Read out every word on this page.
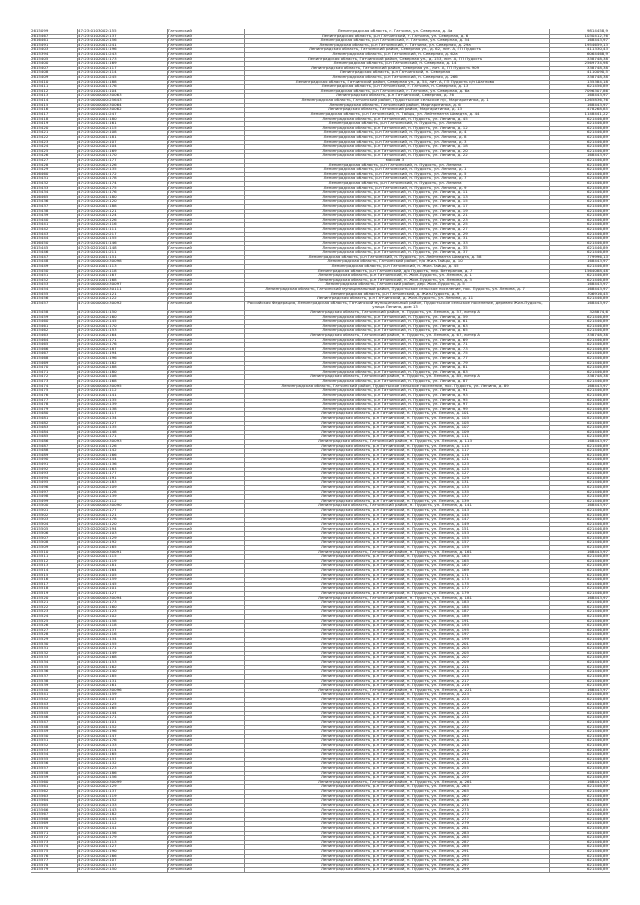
2615099	47:23:0103002:155	Гатчинский	Ленинградская область, г. Гатчина, ул. Северная, д. 4а	9814458,9
2615467	47:23:0102002:137	Гатчинский	Ленинградская область, р-н Гатчинский, г. Гатчина, ул. Северная, д. 6	1030412,76
2616461	47:23:0102002:156	Гатчинский	Ленинградская область, р-н Гатчинский, г. Гатчина, ул. Северная, д. 54	168443,97
2615491	47:23:0102001:241	Гатчинский	Ленинградская область, р-н Гатчинский, г. Гатчина, ул. Северная, д. 29а	1954659,13
2615403	47:23:0102001:196	Гатчинский	Ленинградская область, Гатчинский район, Северная ул., д. 62, лит. А, ГП Пудость	411330,43
2615394	47:23:0102001:243	Гатчинский	Ленинградская область, р-н Гатчинский, п. Северная, д. 62а	6064468,9
2615405	47:23:0102001:173	Гатчинский	Ленинградская область, Гатчинский район, Северная ул., д. 153, лит. А, ГП Пудость	338748,38
2615400	47:23:0102001:169	Гатчинский	Ленинградская область, р-н Гатчинский, п. Северная, д. 14	2569734,98
2615407	47:23:0102002:117	Гатчинский	Ленинградская область, Гатчинский район, Северная ул., лит. А, ГП Пудость 909	338748,38
2615408	47:23:0102002:114	Гатчинский	Ленинградская область, р-н Гатчинский, п. Северная	4110090,5
2615409	47:23:0102001:245	Гатчинский	Ленинградская область, р-н Гатчинский, п. Северная, д. 26б	338748,38
2615410	47:23:0102001:188	Гатчинский	Ленинградская область, Гатчинский район, Северная ул., д. 54, лит. А, ГП Пудость с/п Шаглово	135384,18
2615411	47:23:0102001:176	Гатчинский	Ленинградская область, р-н Гатчинский, г. Гатчина, п. Северная, д. 13	621456,89
2615412	47:23:0102001:104	Гатчинский	Ленинградская область, р-н Гатчинский, г. Гатчина, ул. Северная, д. 6а	7096307,86
2615413	47:23:0000000:30063	Гатчинский	Ленинградская область, р-н Гатчинский, Северная, д. 76	168443,97
2615414	47:23:0000000:25643	Гатчинский	Ленинградская область, Гатчинский район, Пудостьское сельское п/с, Маргаритинка, д. 1	1265836,76
2615415	47:23:0000000:30064	Гатчинский	Ленинградская область, Гатчинский район, Маргаритинка, д. 6	168443,97
2615416	47:23:0000000:30062	Гатчинский	Ленинградская область, Гатчинский район, Маргаритинка, д. 13	478268,85
2615417	47:23:0201001:247	Гатчинский	Ленинградская область, р-н Гатчинский, п. Тайцы, ул. Лейтенанта Шмидта, д. 44	1148441,22
2615418	47:23:0201001:180	Гатчинский	Ленинградская область, р-н Гатчинский, п. Пудость, ул. Ленина, д. 45	621446,89
2615419	47:23:0202001:161	Гатчинский	Ленинградская область, р-н Гатчинский, п. Пудость, ул. Ленина	621446,89
2615420	47:23:0202002:115	Гатчинский	Ленинградская область, р-н Гатчинский, п. Пудость, ул. Ленина, д. 12	621446,89
2615421	47:23:0202002:108	Гатчинский	Ленинградская область, р-н Гатчинский, п. Пудость, ул. Ленина, д. 4	621446,89
2615422	47:23:0202001:181	Гатчинский	Ленинградская область, р-н Гатчинский, п. Пудость, ул. Ленина, д. 8	621446,89
2615423	47:23:0202002:107	Гатчинский	Ленинградская область, р-н Гатчинский, п. Пудость, ул. Ленина, д. 3	621446,89
2615424	47:23:0202002:104	Гатчинский	Ленинградская область, р-н Гатчинский, п. Пудость, ул. Ленина, д. 18	621446,89
2615425	47:23:0202001:169	Гатчинский	Ленинградская область, р-н Гатчинский, п. Пудость, ул. Ленина, д. 20	621446,89
2615426	47:23:0202001:170	Гатчинский	Ленинградская область, р-н Гатчинский, п. Пудость, ул. Ленина, д. 22	168443,97
2615427	47:23:0202001:177	Гатчинский	массив 3	621446,89
2615428	47:23:0202002:126	Гатчинский	Ленинградская область, р-н Гатчинский, п. Пудость, ул. Ленина	621446,89
2615429	47:23:0202002:135	Гатчинский	Ленинградская область, р-н Гатчинский, п. Пудость, ул. Ленина, д. 1	621446,89
2616460	47:23:0202001:172	Гатчинский	Ленинградская область, р-н Гатчинский, п. Пудость, ул. Ленина, д. 5	621446,89
2615431	47:23:0202001:178	Гатчинский	Ленинградская область, р-н Гатчинский, п. Пудость, ул. Ленина, д. 7	621446,89
2615432	47:23:0202001:174	Гатчинский	Ленинградская область, р-н Гатчинский, п. Пудость, ул. Ленина	621446,89
2615433	47:23:0202002:175	Гатчинский	Ленинградская область, р-н Гатчинский, п. Пудость, ул. Ленина, д. 9	621446,89
2615434	47:23:0202001:176	Гатчинский	Ленинградская область, р-н Гатчинский, п. Пудость, ул. Ленина, д. 11	621446,89
2616465	47:23:0202001:180	Гатчинский	Ленинградская область, р-н Гатчинский, п. Пудость, ул. Ленина, д. 13	621446,89
2615436	47:23:0202002:120	Гатчинский	Ленинградская область, р-н Гатчинский, п. Пудость, ул. Ленина, д. 15	621446,89
2615437	47:23:0202001:188	Гатчинский	Ленинградская область, р-н Гатчинский, п. Пудость, ул. Ленина, д. 17	621446,89
2615438	47:23:0202002:121	Гатчинский	Ленинградская область, р-н Гатчинский, п. Пудость, ул. Ленина, д. 19	621446,89
2615439	47:23:0202001:124	Гатчинский	Ленинградская область, р-н Гатчинский, п. Пудость, ул. Ленина, д. 21	621446,89
2615440	47:23:0202002:126	Гатчинский	Ленинградская область, р-н Гатчинский, п. Пудость, ул. Ленина, д. 23	621446,89
2615441	47:23:0202002:116	Гатчинский	Ленинградская область, р-н Гатчинский, п. Пудость, ул. Ленина, д. 25	621446,89
2615442	47:23:0201001:111	Гатчинский	Ленинградская область, р-н Гатчинский, п. Пудость, ул. Ленина, д. 27	621446,89
2615443	47:23:0202002:217	Гатчинский	Ленинградская область, р-н Гатчинский, п. Пудость, ул. Ленина, д. 29	621446,89
2615444	47:23:0202001:155	Гатчинский	Ленинградская область, р-н Гатчинский, п. Пудость, ул. Ленина, д. 31	621446,89
2616450	47:23:0202001:146	Гатчинский	Ленинградская область, р-н Гатчинский, п. Пудость, ул. Ленина, д. 33	621446,89
2615445	47:23:0201001:148	Гатчинский	Ленинградская область, р-н Гатчинский, п. Пудость, ул. Ленина, д. 35	621446,89
2615446	47:23:0202001:211	Гатчинский	Ленинградская область, р-н Гатчинский, п. Пудость, ул. Ленина, д. 37	621446,89
2615447	47:23:0201001:151	Гатчинский	Ленинградская область, р-н Гатчинский, п. Пудость, ул. Лейтенанта Шмидта, д. 58	779996,13
2615448	47:23:0000000:30098	Гатчинский	Ленинградская область, Гатчинский район, п/о Жил-Тайцы, д. 10	168443,97
2615449	47:23:0201001:113	Гатчинский	Ленинградская область, р-н Гатчинский, п. Жил-Тайцы, д. 45	621446,89
2615450	47:23:0202002:118	Гатчинский	Ленинградская область, р-н Гатчинский, д/о Пудость, пер. Ветеранов, д. 7	1564088,48
2615451	47:23:0201001:167	Гатчинский	Ленинградская область, р-н Гатчинский, п. Жил-Пудость, ул. Ленина, д. 1	621446,89
2615452	47:23:0201001:168	Гатчинский	Ленинградская область, р-н Гатчинский, п. Жил-Пудость, ул. Ленина, д. 3	621446,89
2615453	47:23:0000000:30097	Гатчинский	Ленинградская область, Гатчинский район, дер. Жил-Пудость, д. 5	168443,97
2615454	47:23:0000000:30111	Гатчинский	Ленинградская область, Гатчинский муниципальный район, Пудостьское сельское поселение, пос. Пудость, ул. Ленина, д. 7	168443,97
2615455	47:23:0201002:121	Гатчинский	Ленинградская область, р-н Гатчинский, д. Жил-Пудость, д. 9	706916,45
2615456	47:23:0201002:122	Гатчинский	Ленинградская область, р-н Гатчинский, д. Жил-Пудость, ул. Ленина, д. 11	621446,89
2615457	47:23:0000000:30092	Гатчинский	Российская Федерация, Ленинградская область, Гатчинский муниципальный район, Пудостьское сельское поселение, деревня Жил-Пудость, улица Ленина, дом 13
168443,97
2615458	47:23:0202001:150	Гатчинский	Ленинградская область, Гатчинский район, п. Пудость, ул. Ленина, д. 57, литер А	328874,6
2615459	47:23:0202002:160	Гатчинский	Ленинградская область, р-н Гатчинский, п. Пудость, ул. Ленина, д. 59	621446,89
2615460	47:23:0202002:145	Гатчинский	Ленинградская область, р-н Гатчинский, п. Пудость, ул. Ленина, д. 61	621446,89
2615461	47:23:0202001:170	Гатчинский	Ленинградская область, р-н Гатчинский, п. Пудость, ул. Ленина, д. 63	621446,89
2615462	47:23:0202001:153	Гатчинский	Ленинградская область, р-н Гатчинский, п. Пудость, ул. Ленина, д. 65	621446,89
2615463	47:23:0201002:164	Гатчинский	Ленинградская область, Гатчинский район, п. Пудость, ул. Ленина, д. 67, литер А	338748,38
2615464	47:23:0202001:171	Гатчинский	Ленинградская область, р-н Гатчинский, п. Пудость, ул. Ленина, д. 69	621446,89
2615465	47:23:0202002:176	Гатчинский	Ленинградская область, р-н Гатчинский, п. Пудость, ул. Ленина, д. 71	621446,89
2615466	47:23:0202002:187	Гатчинский	Ленинградская область, р-н Гатчинский, п. Пудость, ул. Ленина, д. 73	621446,89
2615467	47:23:0202001:194	Гатчинский	Ленинградская область, р-н Гатчинский, п. Пудость, ул. Ленина, д. 75	621446,89
2615468	47:23:0202001:196	Гатчинский	Ленинградская область, р-н Гатчинский, п. Пудость, ул. Ленина, д. 77	621446,89
2615469	47:23:0202001:182	Гатчинский	Ленинградская область, р-н Гатчинский, п. Пудость, ул. Ленина, д. 79	621446,89
2615470	47:23:0202002:188	Гатчинский	Ленинградская область, р-н Гатчинский, п. Пудость, ул. Ленина, д. 81	621446,89
2615471	47:23:0202001:180	Гатчинский	Ленинградская область, р-н Гатчинский, п. Пудость, ул. Ленина, д. 83	621446,89
2615472	47:23:0202001:108	Гатчинский	Ленинградская область, Гатчинский район, п. Пудость, ул. Ленина, д. 85, литер А	338748,38
2615473	47:23:0201001:168	Гатчинский	Ленинградская область, р-н Гатчинский, п. Пудость, ул. Ленина, д. 87	621446,89
2615474	47:23:0000000:30095	Гатчинский	Ленинградская область, Гатчинский район, Пудостьское сельское поселение, пос. Пудость, ул. Ленина, д. 89	168443,97
2615475	47:23:0201001:112	Гатчинский	Ленинградская область, р-н Гатчинский, п. Пудость, ул. Ленина, д. 91	621446,89
2615476	47:23:0201001:141	Гатчинский	Ленинградская область, р-н Гатчинский, п. Пудость, ул. Ленина, д. 93	621446,89
2615477	47:23:0202001:135	Гатчинский	Ленинградская область, р-н Гатчинский, п. Пудость, ул. Ленина, д. 95	621446,89
2615478	47:23:0202002:139	Гатчинский	Ленинградская область, р-н Гатчинский, п. Пудость, ул. Ленина, д. 97	621446,89
2615479	47:23:0201001:138	Гатчинский	Ленинградская область, р-н Гатчинский, п. Пудость, ул. Ленина, д. 99	621446,89
2615480	47:23:0201001:117	Гатчинский	Ленинградская область, р-н Гатчинский, п. Пудость, ул. Ленина, д. 101	621446,89
2615481	47:23:0202002:134	Гатчинский	Ленинградская область, р-н Гатчинский, п. Пудость, ул. Ленина, д. 103	621446,89
2615482	47:23:0202002:127	Гатчинский	Ленинградская область, р-н Гатчинский, п. Пудость, ул. Ленина, д. 105	621446,89
2615483	47:23:0201001:135	Гатчинский	Ленинградская область, р-н Гатчинский, п. Пудость, ул. Ленина, д. 107	621446,89
2615484	47:23:0202002:148	Гатчинский	Ленинградская область, р-н Гатчинский, п. Пудость, ул. Ленина, д. 109	621446,89
2615485	47:23:0202001:171	Гатчинский	Ленинградская область, р-н Гатчинский, п. Пудость, ул. Ленина, д. 111	621446,89
2615486	47:23:0000000:30093	Гатчинский	Ленинградская область, Гатчинский район, п. Пудость, ул. Ленина, д. 113	168443,97
2615487	47:23:0201001:126	Гатчинский	Ленинградская область, р-н Гатчинский, п. Пудость, ул. Ленина, д. 115	621446,89
2615488	47:23:0202001:142	Гатчинский	Ленинградская область, р-н Гатчинский, п. Пудость, ул. Ленина, д. 117	621446,89
2615489	47:23:0202001:166	Гатчинский	Ленинградская область, р-н Гатчинский, п. Пудость, ул. Ленина, д. 119	621446,89
2615490	47:23:0202002:144	Гатчинский	Ленинградская область, р-н Гатчинский, п. Пудость, ул. Ленина, д. 121	621446,89
2615491	47:23:0202001:136	Гатчинский	Ленинградская область, р-н Гатчинский, п. Пудость, ул. Ленина, д. 123	621446,89
2615492	47:23:0201001:163	Гатчинский	Ленинградская область, р-н Гатчинский, п. Пудость, ул. Ленина, д. 125	621446,89
2615493	47:23:0201001:177	Гатчинский	Ленинградская область, р-н Гатчинский, п. Пудость, ул. Ленина, д. 127	621446,89
2615494	47:23:0202001:191	Гатчинский	Ленинградская область, р-н Гатчинский, п. Пудость, ул. Ленина, д. 129	621446,89
2615495	47:23:0202002:183	Гатчинский	Ленинградская область, р-н Гатчинский, п. Пудость, ул. Ленина, д. 131	621446,89
2615496	47:23:0202002:109	Гатчинский	Ленинградская область, р-н Гатчинский, п. Пудость, ул. Ленина, д. 133	621446,89
2615497	47:23:0201001:128	Гатчинский	Ленинградская область, р-н Гатчинский, п. Пудость, ул. Ленина, д. 135	621446,89
2615498	47:23:0201002:139	Гатчинский	Ленинградская область, р-н Гатчинский, п. Пудость, ул. Ленина, д. 137	621446,89
2615499	47:23:0202002:112	Гатчинский	Ленинградская область, р-н Гатчинский, п. Пудость, ул. Ленина, д. 139	621446,89
2615500	47:23:0000000:30090	Гатчинский	Ленинградская область, Гатчинский район, п. Пудость, ул. Ленина, д. 141	168443,97
2615501	47:23:0202002:177	Гатчинский	Ленинградская область, р-н Гатчинский, п. Пудость, ул. Ленина, д. 143	621446,89
2615502	47:23:0202001:121	Гатчинский	Ленинградская область, р-н Гатчинский, п. Пудость, ул. Ленина, д. 145	621446,89
2615503	47:23:0201002:178	Гатчинский	Ленинградская область, р-н Гатчинский, п. Пудость, ул. Ленина, д. 147	621446,89
2615504	47:23:0202001:120	Гатчинский	Ленинградская область, р-н Гатчинский, п. Пудость, ул. Ленина, д. 149	621446,89
2615505	47:23:0202002:194	Гатчинский	Ленинградская область, р-н Гатчинский, п. Пудость, ул. Ленина, д. 151	621446,89
2615506	47:23:0202002:103	Гатчинский	Ленинградская область, р-н Гатчинский, п. Пудость, ул. Ленина, д. 153	621446,89
2615507	47:23:0201001:129	Гатчинский	Ленинградская область, р-н Гатчинский, п. Пудость, ул. Ленина, д. 155	621446,89
2615508	47:23:0202002:192	Гатчинский	Ленинградская область, р-н Гатчинский, п. Пудость, ул. Ленина, д. 157	621446,89
2615509	47:23:0201002:165	Гатчинский	Ленинградская область, р-н Гатчинский, п. Пудость, ул. Ленина, д. 159	621446,89
2615510	47:23:0000000:30091	Гатчинский	Ленинградская область, Гатчинский район, п. Пудость, ул. Ленина, д. 161	168443,97
2615511	47:23:0202001:115	Гатчинский	Ленинградская область, р-н Гатчинский, п. Пудость, ул. Ленина, д. 163	621446,89
2615512	47:23:0201001:119	Гатчинский	Ленинградская область, р-н Гатчинский, п. Пудость, ул. Ленина, д. 165	621446,89
2615513	47:23:0202002:181	Гатчинский	Ленинградская область, р-н Гатчинский, п. Пудость, ул. Ленина, д. 167	621446,89
2615514	47:23:0202001:164	Гатчинский	Ленинградская область, р-н Гатчинский, п. Пудость, ул. Ленина, д. 169	621446,89
2615515	47:23:0201001:105	Гатчинский	Ленинградская область, р-н Гатчинский, п. Пудость, ул. Ленина, д. 171	621446,89
2615516	47:23:0202002:159	Гатчинский	Ленинградская область, р-н Гатчинский, п. Пудость, ул. Ленина, д. 173	621446,89
2615517	47:23:0202001:145	Гатчинский	Ленинградская область, р-н Гатчинский, п. Пудость, ул. Ленина, д. 175	621446,89
2615518	47:23:0201002:101	Гатчинский	Ленинградская область, р-н Гатчинский, п. Пудость, ул. Ленина, д. 177	621446,89
2615519	47:23:0202001:127	Гатчинский	Ленинградская область, р-н Гатчинский, п. Пудость, ул. Ленина, д. 179	621446,89
2615520	47:23:0000000:30094	Гатчинский	Ленинградская область, Гатчинский район, п. Пудость, ул. Ленина, д. 181	168443,97
2615521	47:23:0202002:173	Гатчинский	Ленинградская область, р-н Гатчинский, п. Пудость, ул. Ленина, д. 183	621446,89
2615522	47:23:0201001:160	Гатчинский	Ленинградская область, р-н Гатчинский, п. Пудость, ул. Ленина, д. 185	621446,89
2615523	47:23:0202001:123	Гатчинский	Ленинградская область, р-н Гатчинский, п. Пудость, ул. Ленина, д. 187	621446,89
2615524	47:23:0202002:102	Гатчинский	Ленинградская область, р-н Гатчинский, п. Пудость, ул. Ленина, д. 189	621446,89
2615525	47:23:0201001:158	Гатчинский	Ленинградская область, р-н Гатчинский, п. Пудость, ул. Ленина, д. 191	621446,89
2615526	47:23:0202001:118	Гатчинский	Ленинградская область, р-н Гатчинский, п. Пудость, ул. Ленина, д. 193	621446,89
2615527	47:23:0202002:137	Гатчинский	Ленинградская область, р-н Гатчинский, п. Пудость, ул. Ленина, д. 195	621446,89
2615528	47:23:0201002:116	Гатчинский	Ленинградская область, р-н Гатчинский, п. Пудость, ул. Ленина, д. 197	621446,89
2615529	47:23:0202001:134	Гатчинский	Ленинградская область, р-н Гатчинский, п. Пудость, ул. Ленина, д. 199	621446,89
2615530	47:23:0202002:155	Гатчинский	Ленинградская область, р-н Гатчинский, п. Пудость, ул. Ленина, д. 201	621446,89
2615531	47:23:0201001:171	Гатчинский	Ленинградская область, р-н Гатчинский, п. Пудость, ул. Ленина, д. 203	621446,89
2615532	47:23:0202001:149	Гатчинский	Ленинградская область, р-н Гатчинский, п. Пудость, ул. Ленина, д. 205	621446,89
2615533	47:23:0202002:168	Гатчинский	Ленинградская область, р-н Гатчинский, п. Пудость, ул. Ленина, д. 207	621446,89
2615534	47:23:0201001:153	Гатчинский	Ленинградская область, р-н Гатчинский, п. Пудость, ул. Ленина, д. 209	621446,89
2615535	47:23:0202001:162	Гатчинский	Ленинградская область, р-н Гатчинский, п. Пудость, ул. Ленина, д. 211	621446,89
2615536	47:23:0202002:140	Гатчинский	Ленинградская область, р-н Гатчинский, п. Пудость, ул. Ленина, д. 213	621446,89
2615537	47:23:0201002:185	Гатчинский	Ленинградская область, р-н Гатчинский, п. Пудость, ул. Ленина, д. 215	621446,89
2615538	47:23:0202001:131	Гатчинский	Ленинградская область, р-н Гатчинский, п. Пудость, ул. Ленина, д. 217	621446,89
2615539	47:23:0202002:161	Гатчинский	Ленинградская область, р-н Гатчинский, п. Пудость, ул. Ленина, д. 219	621446,89
2615540	47:23:0000000:30096	Гатчинский	Ленинградская область, Гатчинский район, п. Пудость, ул. Ленина, д. 221	168443,97
2615541	47:23:0202001:159	Гатчинский	Ленинградская область, р-н Гатчинский, п. Пудость, ул. Ленина, д. 223	621446,89
2615542	47:23:0201001:107	Гатчинский	Ленинградская область, р-н Гатчинский, п. Пудость, ул. Ленина, д. 225	621446,89
2615543	47:23:0202002:125	Гатчинский	Ленинградская область, р-н Гатчинский, п. Пудость, ул. Ленина, д. 227	621446,89
2615544	47:23:0202001:165	Гатчинский	Ленинградская область, р-н Гатчинский, п. Пудость, ул. Ленина, д. 229	621446,89
2615545	47:23:0201002:144	Гатчинский	Ленинградская область, р-н Гатчинский, п. Пудость, ул. Ленина, д. 231	621446,89
2615546	47:23:0202002:171	Гатчинский	Ленинградская область, р-н Гатчинский, п. Пудость, ул. Ленина, д. 233	621446,89
2615547	47:23:0202001:101	Гатчинский	Ленинградская область, р-н Гатчинский, п. Пудость, ул. Ленина, д. 235	621446,89
2615548	47:23:0201001:152	Гатчинский	Ленинградская область, р-н Гатчинский, п. Пудость, ул. Ленина, д. 237	621446,89
2615549	47:23:0202002:196	Гатчинский	Ленинградская область, р-н Гатчинский, п. Пудость, ул. Ленина, д. 239	621446,89
2615550	47:23:0202001:147	Гатчинский	Ленинградская область, р-н Гатчинский, п. Пудость, ул. Ленина, д. 241	621446,89
2615551	47:23:0201002:176	Гатчинский	Ленинградская область, р-н Гатчинский, п. Пудость, ул. Ленина, д. 243	621446,89
2615552	47:23:0202002:133	Гатчинский	Ленинградская область, р-н Гатчинский, п. Пудость, ул. Ленина, д. 245	621446,89
2615553	47:23:0202001:114	Гатчинский	Ленинградская область, р-н Гатчинский, п. Пудость, ул. Ленина, д. 247	621446,89
2615554	47:23:0201001:165	Гатчинский	Ленинградская область, р-н Гатчинский, п. Пудость, ул. Ленина, д. 249	621446,89
2615555	47:23:0202002:157	Гатчинский	Ленинградская область, р-н Гатчинский, п. Пудость, ул. Ленина, д. 251	621446,89
2615556	47:23:0202001:132	Гатчинский	Ленинградская область, р-н Гатчинский, п. Пудость, ул. Ленина, д. 253	621446,89
2615557	47:23:0201002:123	Гатчинский	Ленинградская область, р-н Гатчинский, п. Пудость, ул. Ленина, д. 255	621446,89
2615558	47:23:0202002:186	Гатчинский	Ленинградская область, р-н Гатчинский, п. Пудость, ул. Ленина, д. 257	621446,89
2615559	47:23:0202001:156	Гатчинский	Ленинградская область, р-н Гатчинский, п. Пудость, ул. Ленина, д. 259	621446,89
2615560	47:23:0000000:30099	Гатчинский	Ленинградская область, Гатчинский район, п. Пудость, ул. Ленина, д. 261	168443,97
2615561	47:23:0202002:129	Гатчинский	Ленинградская область, р-н Гатчинский, п. Пудость, ул. Ленина, д. 263	621446,89
2615562	47:23:0201001:137	Гатчинский	Ленинградская область, р-н Гатчинский, п. Пудость, ул. Ленина, д. 265	621446,89
2615563	47:23:0202001:119	Гатчинский	Ленинградская область, р-н Гатчинский, п. Пудость, ул. Ленина, д. 267	621446,89
2615564	47:23:0202002:152	Гатчинский	Ленинградская область, р-н Гатчинский, п. Пудость, ул. Ленина, д. 269	621446,89
2615565	47:23:0201002:133	Гатчинский	Ленинградская область, р-н Гатчинский, п. Пудость, ул. Ленина, д. 271	621446,89
2615566	47:23:0202001:143	Гатчинский	Ленинградская область, р-н Гатчинский, п. Пудость, ул. Ленина, д. 273	621446,89
2615567	47:23:0202002:182	Гатчинский	Ленинградская область, р-н Гатчинский, п. Пудость, ул. Ленина, д. 275	621446,89
2615568	47:23:0201001:143	Гатчинский	Ленинградская область, р-н Гатчинский, п. Пудость, ул. Ленина, д. 277	621446,89
2615569	47:23:0202001:112	Гатчинский	Ленинградская область, р-н Гатчинский, п. Пудость, ул. Ленина, д. 279	621446,89
2615570	47:23:0202002:141	Гатчинский	Ленинградская область, р-н Гатчинский, п. Пудость, ул. Ленина, д. 281	621446,89
2615571	47:23:0201002:156	Гатчинский	Ленинградская область, р-н Гатчинский, п. Пудость, ул. Ленина, д. 283	621446,89
2615572	47:23:0202001:179	Гатчинский	Ленинградская область, р-н Гатчинский, п. Пудость, ул. Ленина, д. 285	621446,89
2615573	47:23:0202002:113	Гатчинский	Ленинградская область, р-н Гатчинский, п. Пудость, ул. Ленина, д. 287	621446,89
2615574	47:23:0201001:127	Гатчинский	Ленинградская область, р-н Гатчинский, п. Пудость, ул. Ленина, д. 289	621446,89
2615575	47:23:0202001:190	Гатчинский	Ленинградская область, р-н Гатчинский, п. Пудость, ул. Ленина, д. 291	621446,89
2615576	47:23:0202002:166	Гатчинский	Ленинградская область, р-н Гатчинский, п. Пудость, ул. Ленина, д. 293	621446,89
2615577	47:23:0201002:107	Гатчинский	Ленинградская область, р-н Гатчинский, п. Пудость, ул. Ленина, д. 295	621446,89
2615578	47:23:0202001:137	Гатчинский	Ленинградская область, р-н Гатчинский, п. Пудость, ул. Ленина, д. 297	621446,89
2615579	47:23:0202002:150	Гатчинский	Ленинградская область, р-н Гатчинский, п. Пудость, ул. Ленина, д. 299	621446,89
